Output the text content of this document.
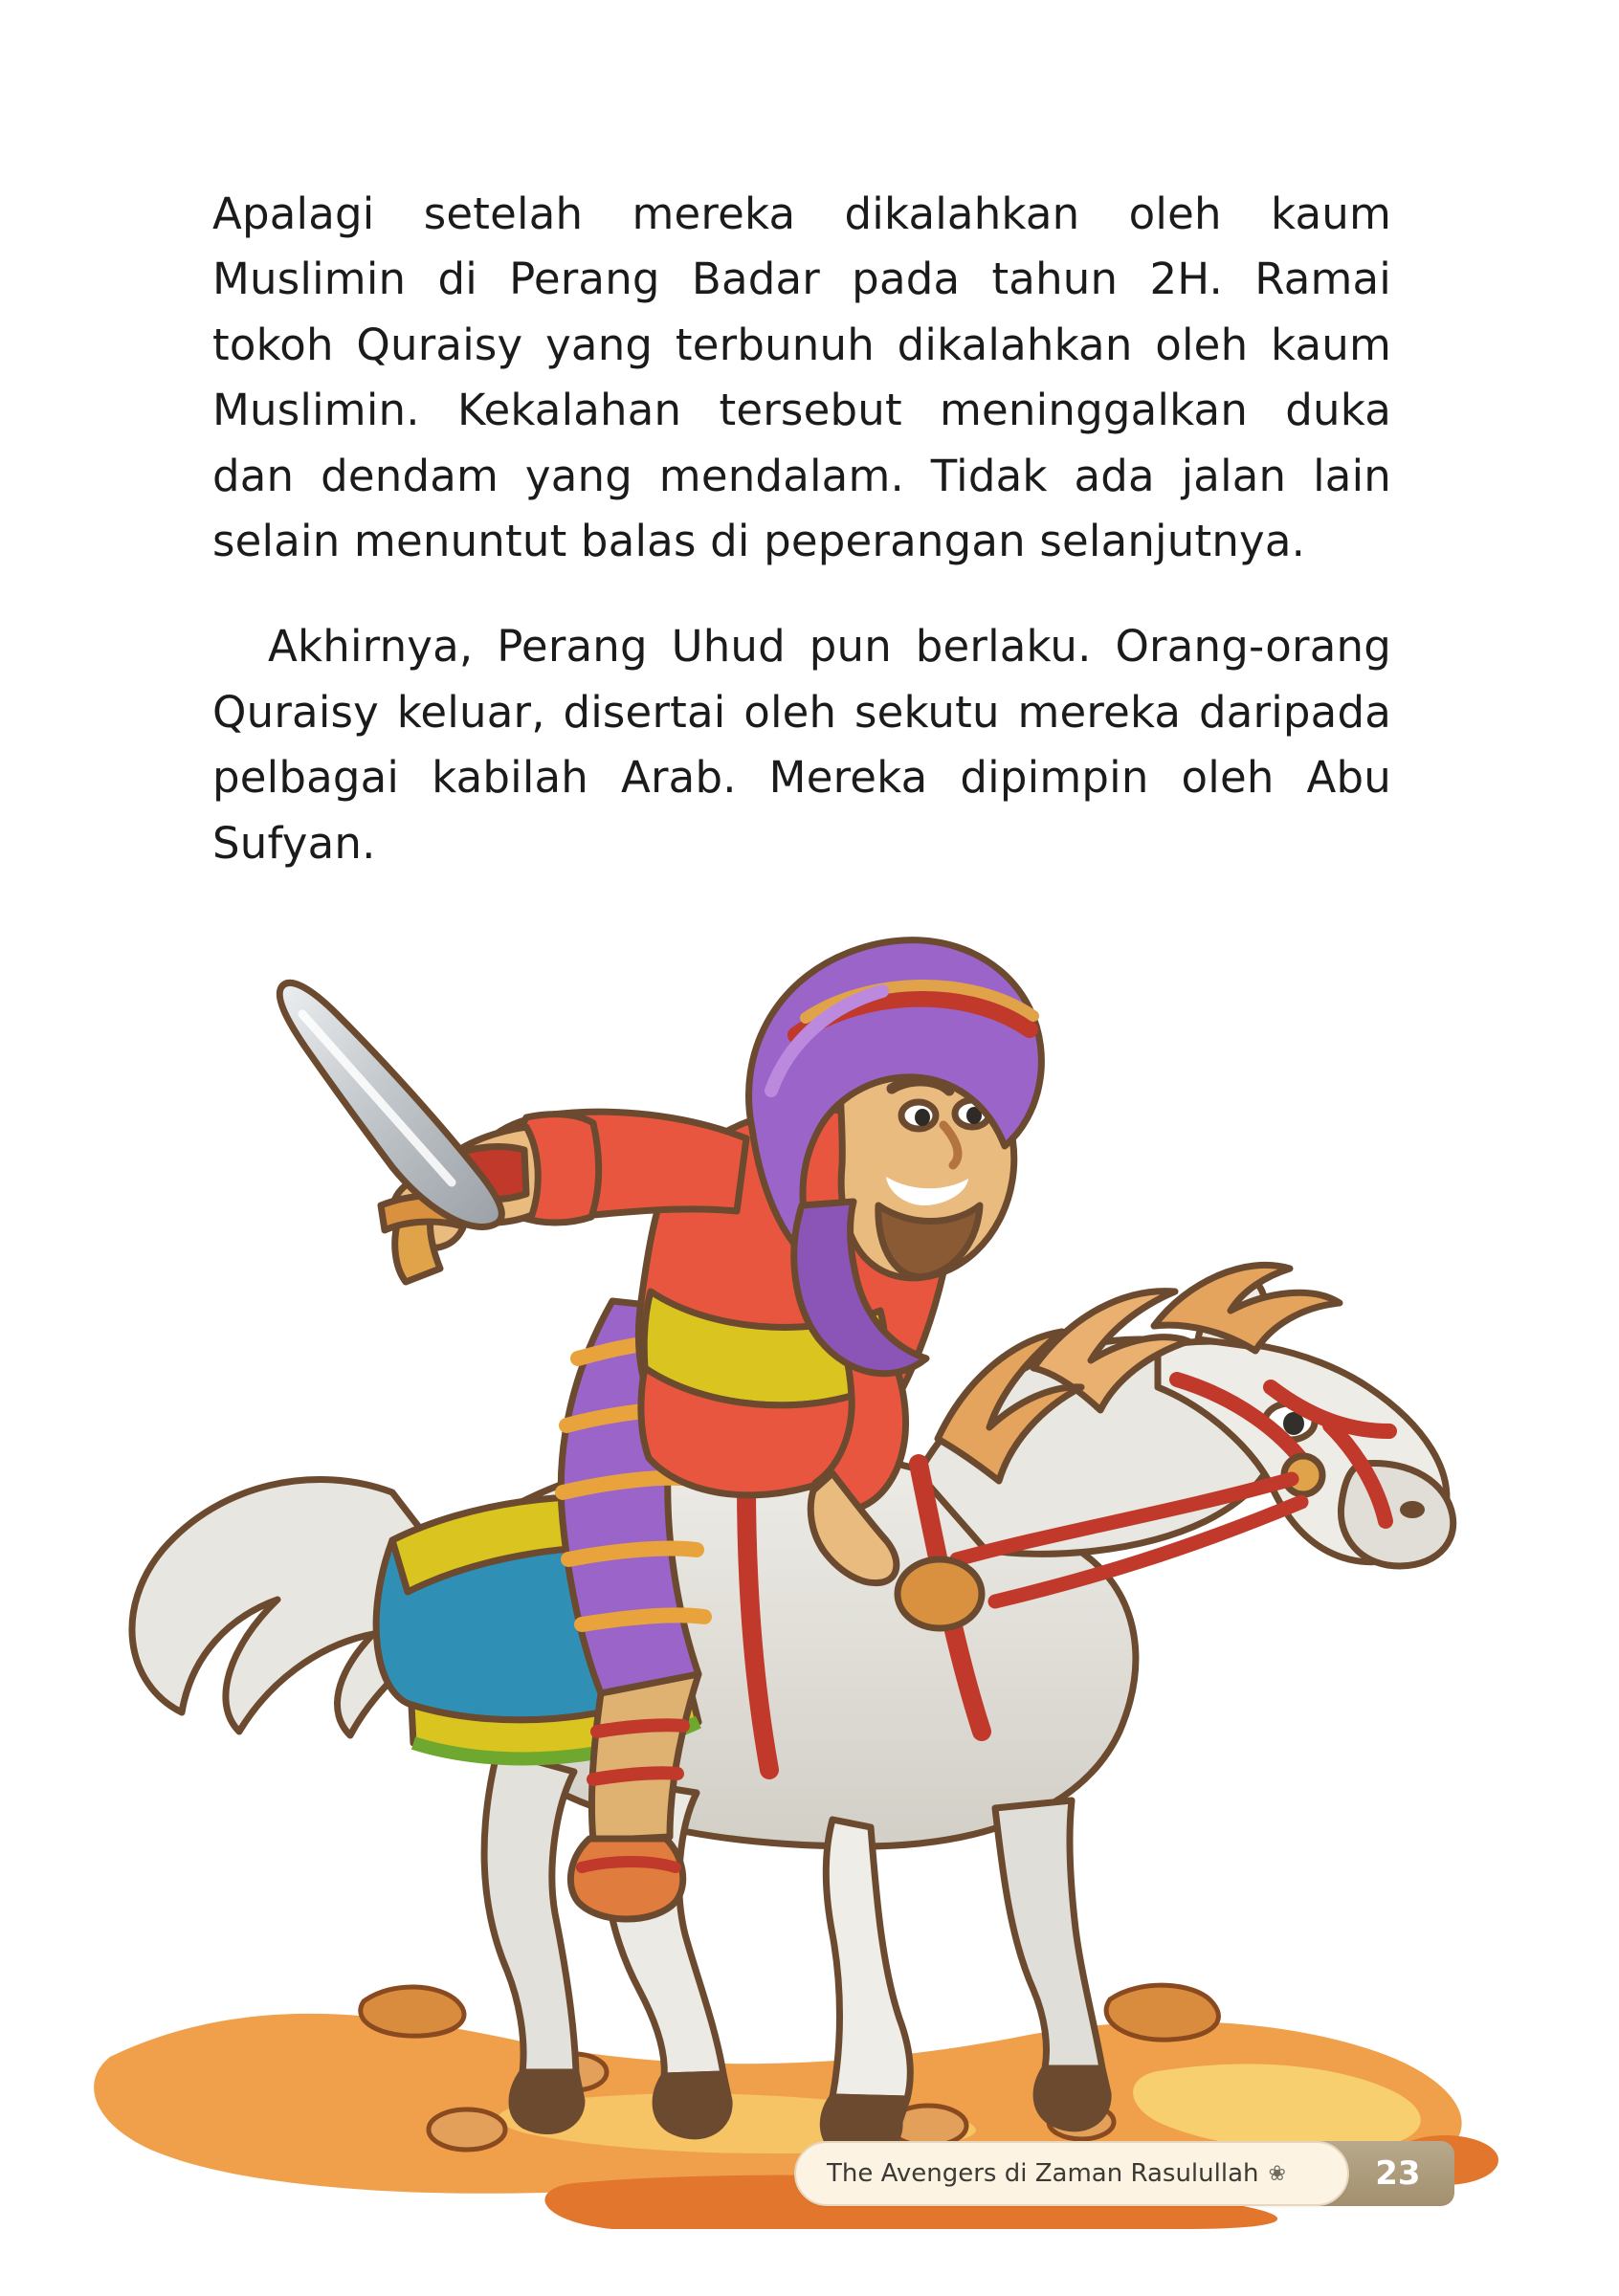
Apalagi setelah mereka dikalahkan oleh kaum Muslimin di Perang Badar pada tahun 2H. Ramai tokoh Quraisy yang terbunuh dikalahkan oleh kaum Muslimin. Kekalahan tersebut meninggalkan duka dan dendam yang mendalam. Tidak ada jalan lain selain menuntut balas di peperangan selanjutnya.

Akhirnya, Perang Uhud pun berlaku. Orang-orang Quraisy keluar, disertai oleh sekutu mereka daripada pelbagai kabilah Arab. Mereka dipimpin oleh Abu Sufyan.

The Avengers di Zaman Rasulullah ❀	23
